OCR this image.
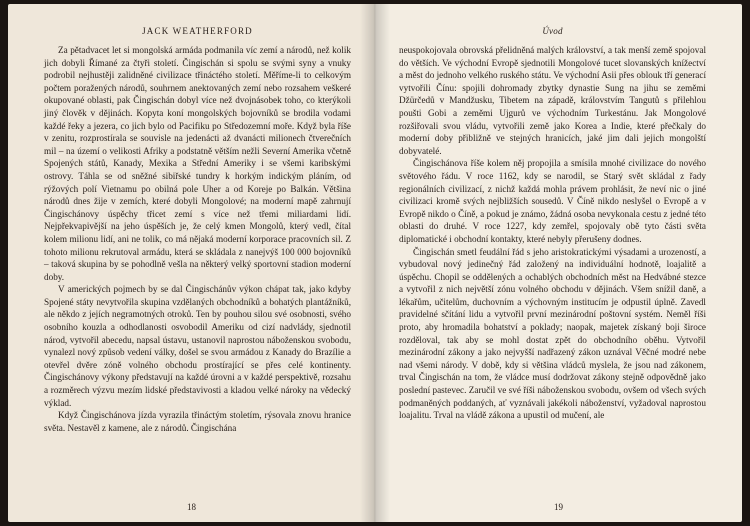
JACK WEATHERFORD

Za pětadvacet let si mongolská armáda podmanila víc zemí a národů, než kolik jich dobyli Římané za čtyři století. Čingischán si spolu se svými syny a vnuky podrobil nejhustěji zalidněné civilizace třináctého století. Měříme-li to celkovým počtem poražených národů, souhrnem anektovaných zemí nebo rozsahem veškeré okupované oblasti, pak Čingischán dobyl více než dvojnásobek toho, co kterýkoli jiný člověk v dějinách. Kopyta koní mongolských bojovníků se brodila vodami každé řeky a jezera, co jich bylo od Pacifiku po Středozemní moře. Když byla říše v zenitu, rozprostírala se souvisle na jedenácti až dvanácti milionech čtverečních mil – na území o velikosti Afriky a podstatně větším nežli Severní Amerika včetně Spojených států, Kanady, Mexika a Střední Ameriky i se všemi karibskými ostrovy. Táhla se od sněžné sibiřské tundry k horkým indickým pláním, od rýžových polí Vietnamu po obilná pole Uher a od Koreje po Balkán. Většina národů dnes žije v zemích, které dobyli Mongolové; na moderní mapě zahrnují Čingischánovy úspěchy třicet zemí s více než třemi miliardami lidí. Nejpřekvapivější na jeho úspěších je, že celý kmen Mongolů, který vedl, čítal kolem milionu lidí, ani ne tolik, co má nějaká moderní korporace pracovních sil. Z tohoto milionu rekrutoval armádu, která se skládala z nanejvýš 100 000 bojovníků – taková skupina by se pohodlně vešla na některý velký sportovní stadion moderní doby.

V amerických pojmech by se dal Čingischánův výkon chápat tak, jako kdyby Spojené státy nevytvořila skupina vzdělaných obchodníků a bohatých plantážníků, ale někdo z jejích negramotných otroků. Ten by pouhou silou své osobnosti, svého osobního kouzla a odhodlanosti osvobodil Ameriku od cizí nadvlády, sjednotil národ, vytvořil abecedu, napsal ústavu, ustanovil naprostou náboženskou svobodu, vynalezl nový způsob vedení války, došel se svou armádou z Kanady do Brazílie a otevřel dvěre zóně volného obchodu prostírající se přes celé kontinenty. Čingischánovy výkony představují na každé úrovni a v každé perspektivě, rozsahu a rozměrech výzvu mezím lidské představivosti a kladou velké nároky na vědecký výklad.

Když Čingischánova jízda vyrazila třináctým stoletím, rýsovala znovu hranice světa. Nestavěl z kamene, ale z národů. Čingischána

18
Úvod

neuspokojovala obrovská přelidněná malých království, a tak menší země spojoval do větších. Ve východní Evropě sjednotili Mongolové tucet slovanských knížectví a měst do jednoho velkého ruského státu. Ve východní Asii přes oblouk tří generací vytvořili Čínu: spojili dohromady zbytky dynastie Sung na jihu se zeměmi Džürčedů v Mandžusku, Tibetem na západě, královstvím Tangutů s přilehlou poušti Gobi a zeměmi Ujgurů ve východním Turkestánu. Jak Mongolové rozšiřovali svou vládu, vytvořili země jako Korea a Indie, které přečkaly do moderní doby přibližně ve stejných hranicích, jaké jim dali jejich mongolští dobyvatelé.

Čingischánova říše kolem něj propojila a smísila mnohé civilizace do nového světového řádu. V roce 1162, kdy se narodil, se Starý svět skládal z řady regionálních civilizací, z nichž každá mohla právem prohlásit, že neví nic o jiné civilizaci kromě svých nejbližších sousedů. V Číně nikdo neslyšel o Evropě a v Evropě nikdo o Číně, a pokud je známo, žádná osoba nevykonala cestu z jedné této oblasti do druhé. V roce 1227, kdy zemřel, spojovaly obě tyto části světa diplomatické i obchodní kontakty, které nebyly přerušeny dodnes.

Čingischán smetl feudální řád s jeho aristokratickými výsadami a urozeností, a vybudoval nový jedinečný řád založený na individuální hodnotě, loajalitě a úspěchu. Chopil se oddělených a ochablých obchodních měst na Hedvábné stezce a vytvořil z nich největší zónu volného obchodu v dějinách. Všem snížil daně, a lékařům, učitelům, duchovním a výchovným institucím je odpustil úplně. Zavedl pravidelné sčítání lidu a vytvořil první mezinárodní poštovní systém. Neměl říši proto, aby hromadila bohatství a poklady; naopak, majetek získaný boji široce rozděloval, tak aby se mohl dostat zpět do obchodního oběhu. Vytvořil mezinárodní zákony a jako nejvyšší nadřazený zákon uznával Věčné modré nebe nad všemi národy. V době, kdy si většina vládců myslela, že jsou nad zákonem, trval Čingischán na tom, že vládce musí dodržovat zákony stejně odpovědně jako poslední pastevec. Zaručil ve své říši náboženskou svobodu, ovšem od všech svých podmaněných poddaných, ať vyznávali jakékoli náboženství, vyžadoval naprostou loajalitu. Trval na vládě zákona a upustil od mučení, ale

19
